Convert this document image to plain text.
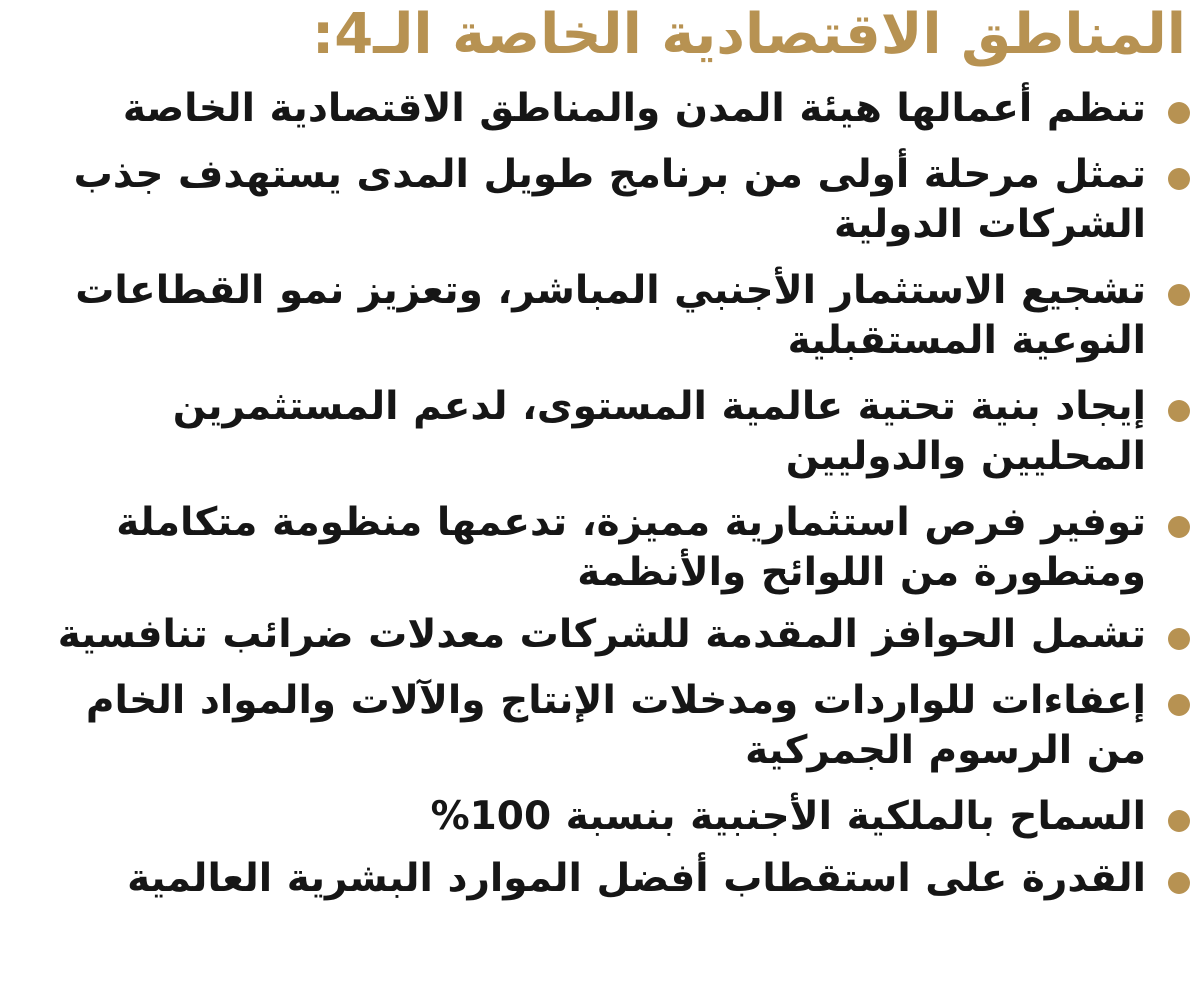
المناطق الاقتصادية الخاصة الـ4:
تنظم أعمالها هيئة المدن والمناطق الاقتصادية الخاصة
تمثل مرحلة أولى من برنامج طويل المدى يستهدف جذب الشركات الدولية
تشجيع الاستثمار الأجنبي المباشر، وتعزيز نمو القطاعات النوعية المستقبلية
إيجاد بنية تحتية عالمية المستوى، لدعم المستثمرين المحليين والدوليين
توفير فرص استثمارية مميزة، تدعمها منظومة متكاملة ومتطورة من اللوائح والأنظمة
تشمل الحوافز المقدمة للشركات معدلات ضرائب تنافسية
إعفاءات للواردات ومدخلات الإنتاج والآلات والمواد الخام من الرسوم الجمركية
السماح بالملكية الأجنبية بنسبة 100%
القدرة على استقطاب أفضل الموارد البشرية العالمية
